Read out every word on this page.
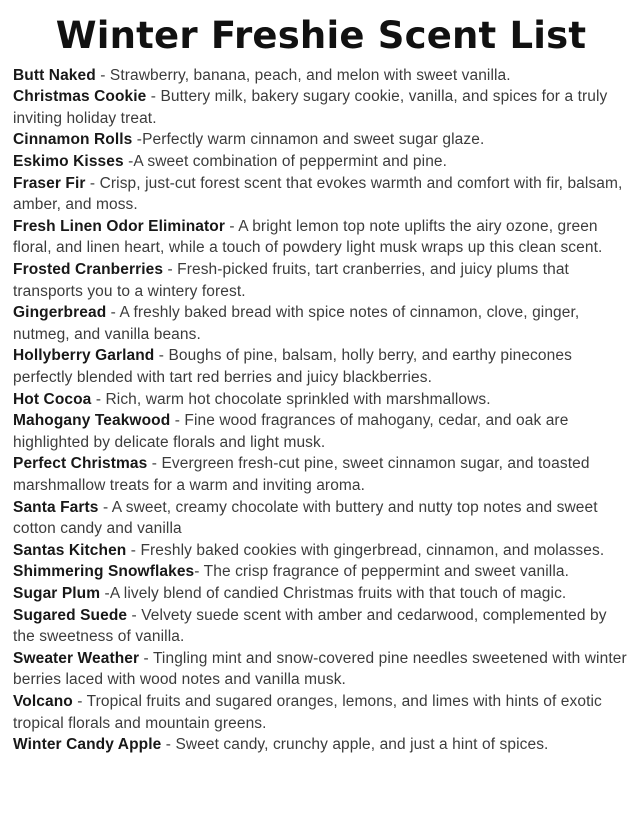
Winter Freshie Scent List

Butt Naked - Strawberry, banana, peach, and melon with sweet vanilla.

Christmas Cookie - Buttery milk, bakery sugary cookie, vanilla, and spices for a truly inviting holiday treat.

Cinnamon Rolls -Perfectly warm cinnamon and sweet sugar glaze.

Eskimo Kisses -A sweet combination of peppermint and pine.

Fraser Fir - Crisp, just-cut forest scent that evokes warmth and comfort with fir, balsam, amber, and moss.

Fresh Linen Odor Eliminator - A bright lemon top note uplifts the airy ozone, green floral, and linen heart, while a touch of powdery light musk wraps up this clean scent.

Frosted Cranberries - Fresh-picked fruits, tart cranberries, and juicy plums that transports you to a wintery forest.

Gingerbread - A freshly baked bread with spice notes of cinnamon, clove, ginger, nutmeg, and vanilla beans.

Hollyberry Garland - Boughs of pine, balsam, holly berry, and earthy pinecones perfectly blended with tart red berries and juicy blackberries.

Hot Cocoa - Rich, warm hot chocolate sprinkled with marshmallows.

Mahogany Teakwood - Fine wood fragrances of mahogany, cedar, and oak are highlighted by delicate florals and light musk.

Perfect Christmas - Evergreen fresh-cut pine, sweet cinnamon sugar, and toasted marshmallow treats for a warm and inviting aroma.

Santa Farts - A sweet, creamy chocolate with buttery and nutty top notes and sweet cotton candy and vanilla

Santas Kitchen - Freshly baked cookies with gingerbread, cinnamon, and molasses.

Shimmering Snowflakes- The crisp fragrance of peppermint and sweet vanilla.

Sugar Plum -A lively blend of candied Christmas fruits with that touch of magic.

Sugared Suede - Velvety suede scent with amber and cedarwood, complemented by the sweetness of vanilla.

Sweater Weather - Tingling mint and snow-covered pine needles sweetened with winter berries laced with wood notes and vanilla musk.

Volcano - Tropical fruits and sugared oranges, lemons, and limes with hints of exotic tropical florals and mountain greens.

Winter Candy Apple - Sweet candy, crunchy apple, and just a hint of spices.
